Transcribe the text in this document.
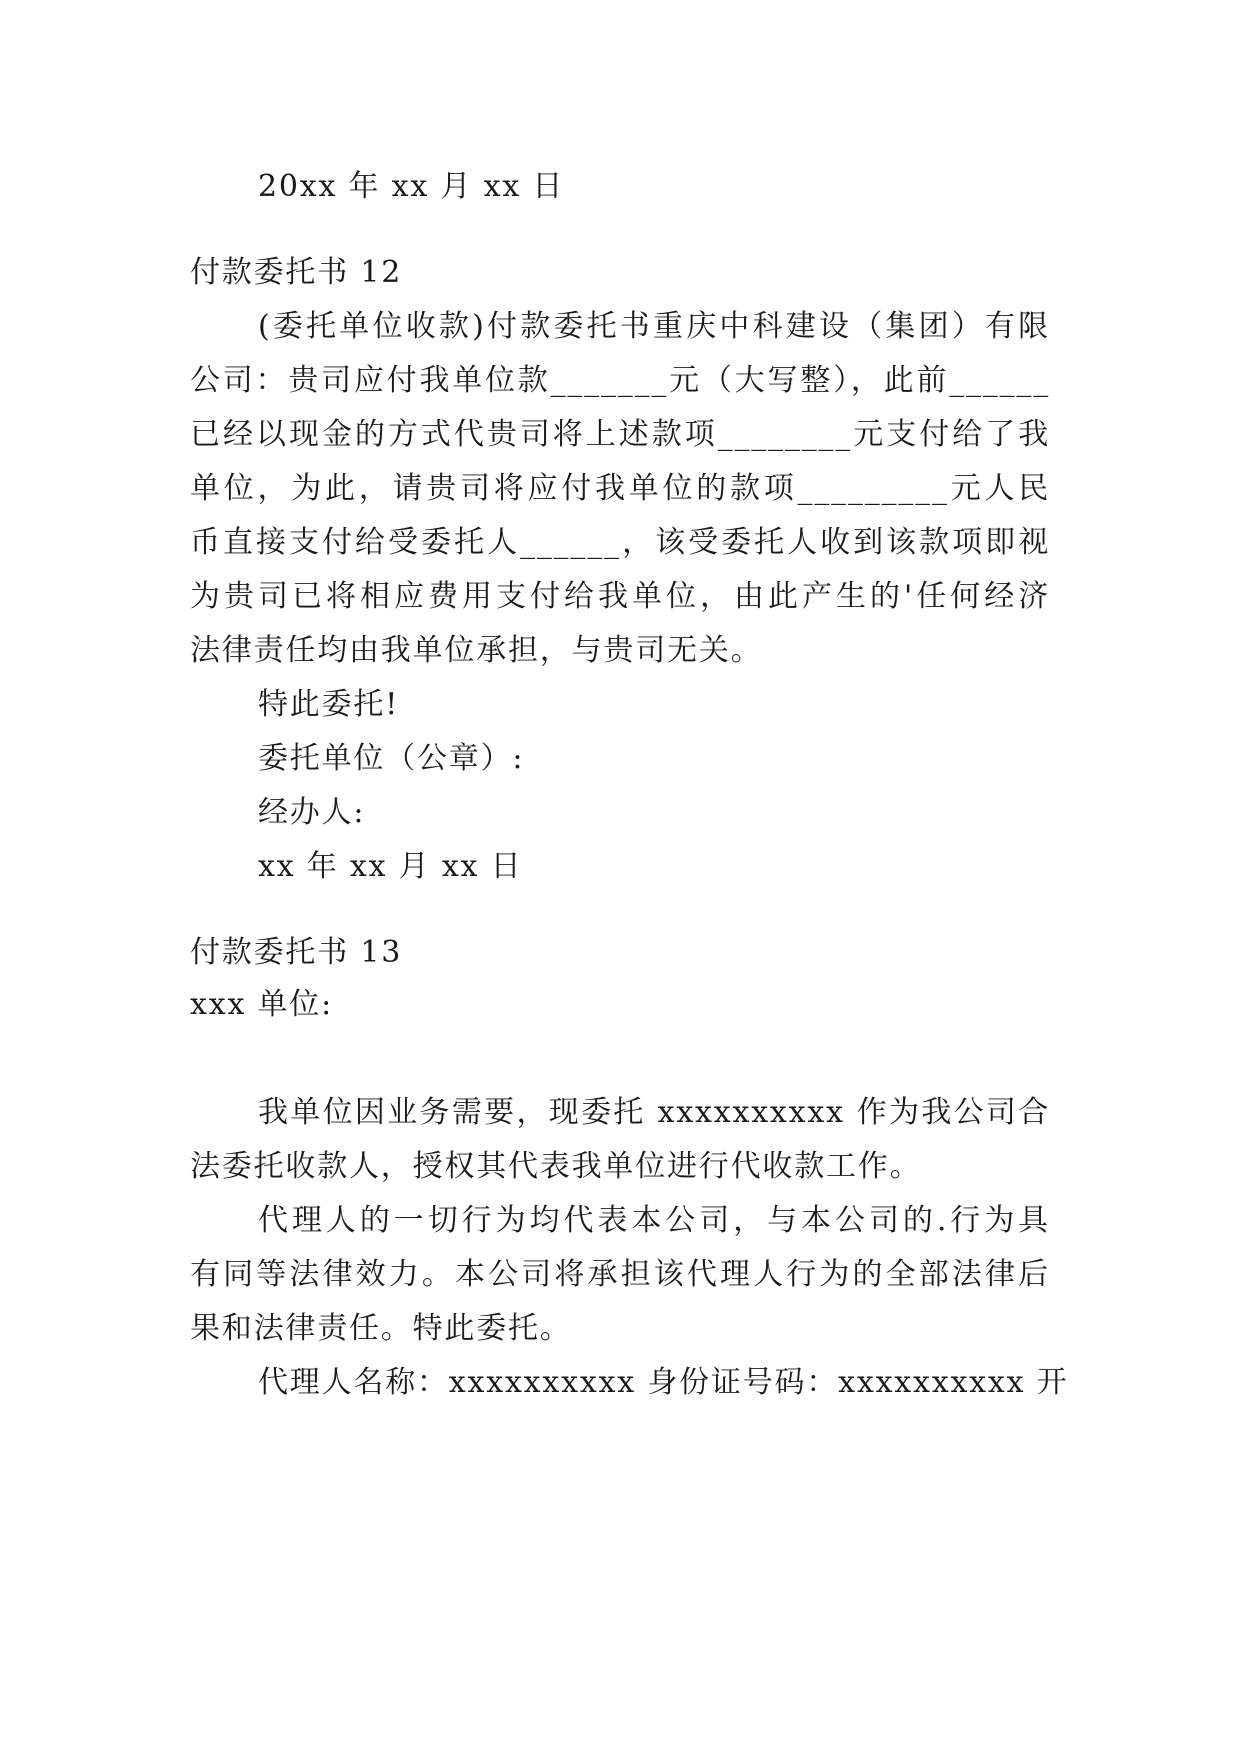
20xx 年 xx 月 xx 日
付款委托书 12
(委托单位收款)付款委托书重庆中科建设（集团）有限
公司：贵司应付我单位款_______元（大写整），此前______
已经以现金的方式代贵司将上述款项________元支付给了我
单位，为此，请贵司将应付我单位的款项_________元人民
币直接支付给受委托人______，该受委托人收到该款项即视
为贵司已将相应费用支付给我单位，由此产生的'任何经济
法律责任均由我单位承担，与贵司无关。
特此委托!
委托单位（公章）:
经办人:
xx 年 xx 月 xx 日
付款委托书 13
xxx 单位:
我单位因业务需要，现委托 xxxxxxxxxx 作为我公司合
法委托收款人，授权其代表我单位进行代收款工作。
代理人的一切行为均代表本公司，与本公司的.行为具
有同等法律效力。本公司将承担该代理人行为的全部法律后
果和法律责任。特此委托。
代理人名称：xxxxxxxxxx 身份证号码：xxxxxxxxxx 开
